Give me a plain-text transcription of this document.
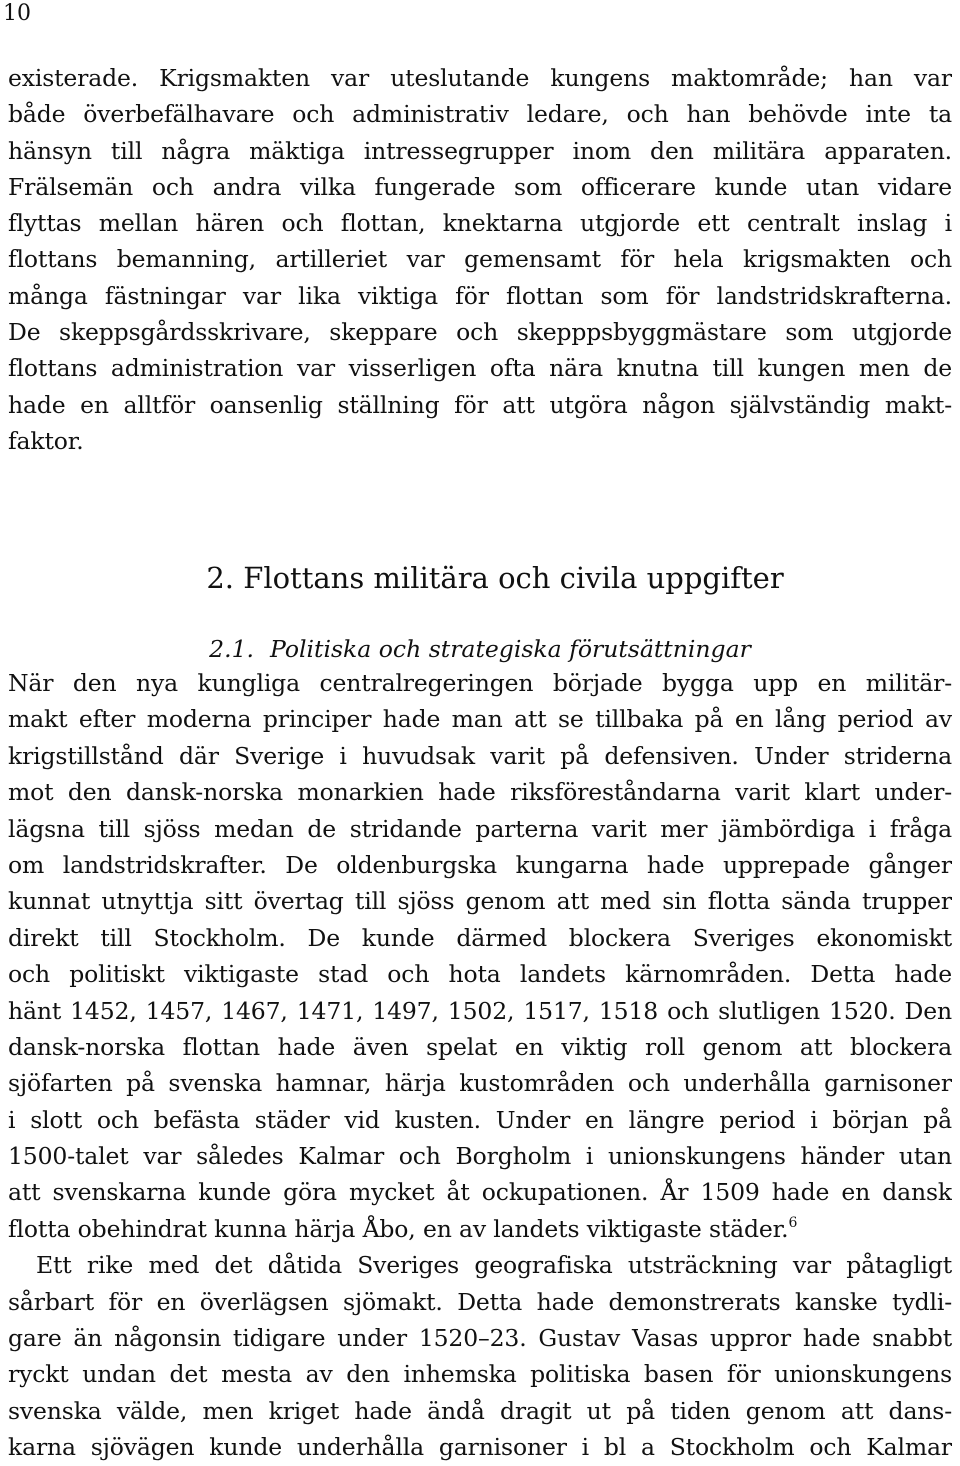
10
existerade. Krigsmakten var uteslutande kungens maktområde; han var
både överbefälhavare och administrativ ledare, och han behövde inte ta
hänsyn till några mäktiga intressegrupper inom den militära apparaten.
Frälsemän och andra vilka fungerade som officerare kunde utan vidare
flyttas mellan hären och flottan, knektarna utgjorde ett centralt inslag i
flottans bemanning, artilleriet var gemensamt för hela krigsmakten och
många fästningar var lika viktiga för flottan som för landstridskrafterna.
De skeppsgårdsskrivare, skeppare och skepppsbyggmästare som utgjorde
flottans administration var visserligen ofta nära knutna till kungen men de
hade en alltför oansenlig ställning för att utgöra någon självständig makt-
faktor.
2. Flottans militära och civila uppgifter
2.1. Politiska och strategiska förutsättningar
När den nya kungliga centralregeringen började bygga upp en militär-
makt efter moderna principer hade man att se tillbaka på en lång period av
krigstillstånd där Sverige i huvudsak varit på defensiven. Under striderna
mot den dansk-norska monarkien hade riksföreståndarna varit klart under-
lägsna till sjöss medan de stridande parterna varit mer jämbördiga i fråga
om landstridskrafter. De oldenburgska kungarna hade upprepade gånger
kunnat utnyttja sitt övertag till sjöss genom att med sin flotta sända trupper
direkt till Stockholm. De kunde därmed blockera Sveriges ekonomiskt
och politiskt viktigaste stad och hota landets kärnområden. Detta hade
hänt 1452, 1457, 1467, 1471, 1497, 1502, 1517, 1518 och slutligen 1520. Den
dansk-norska flottan hade även spelat en viktig roll genom att blockera
sjöfarten på svenska hamnar, härja kustområden och underhålla garnisoner
i slott och befästa städer vid kusten. Under en längre period i början på
1500-talet var således Kalmar och Borgholm i unionskungens händer utan
att svenskarna kunde göra mycket åt ockupationen. År 1509 hade en dansk
flotta obehindrat kunna härja Åbo, en av landets viktigaste städer.$^6$
Ett rike med det dåtida Sveriges geografiska utsträckning var påtagligt
sårbart för en överlägsen sjömakt. Detta hade demonstrerats kanske tydli-
gare än någonsin tidigare under 1520–23. Gustav Vasas uppror hade snabbt
ryckt undan det mesta av den inhemska politiska basen för unionskungens
svenska välde, men kriget hade ändå dragit ut på tiden genom att dans-
karna sjövägen kunde underhålla garnisoner i bl a Stockholm och Kalmar
